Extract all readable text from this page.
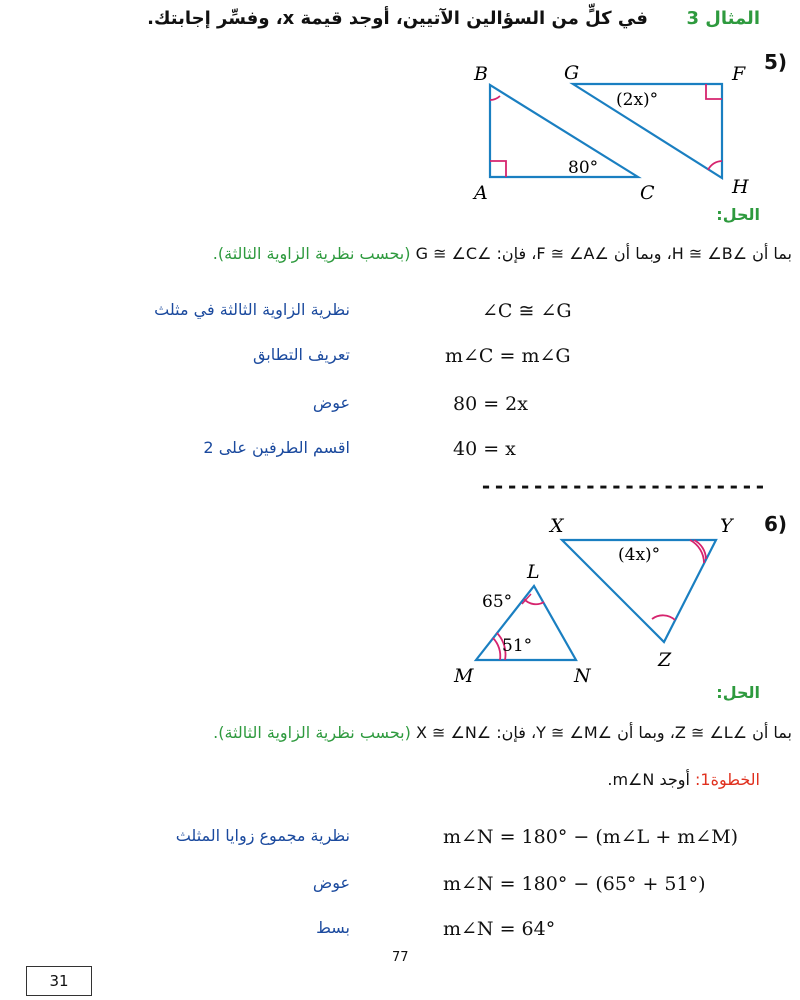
المثال 3  في كلٍّ من السؤالين الآتيين، أوجد قيمة x، وفسِّر إجابتك.
5)
B
A	C
G	F
H
80°
(2x)°
الحل:
بما أن ∠H ≅ ∠B، وبما أن ∠F ≅ ∠A، فإن: ∠G ≅ ∠C (بحسب نظرية الزاوية الثالثة).
∠C ≅ ∠G
نظرية الزاوية الثالثة في مثلث
m∠C = m∠G
تعريف التطابق
80 = 2x
عوض
40 = x
اقسم الطرفين على 2
----------------------
6)
X	Y
Z
L
M	N
(4x)°
65°
51°
الحل:
بما أن ∠Z ≅ ∠L، وبما أن ∠Y ≅ ∠M، فإن: ∠X ≅ ∠N (بحسب نظرية الزاوية الثالثة).
الخطوة1: أوجد m∠N.
m∠N = 180° − (m∠L + m∠M)
نظرية مجموع زوايا المثلث
m∠N = 180° − (65° + 51°)
عوض
m∠N = 64°
بسط
77
31
